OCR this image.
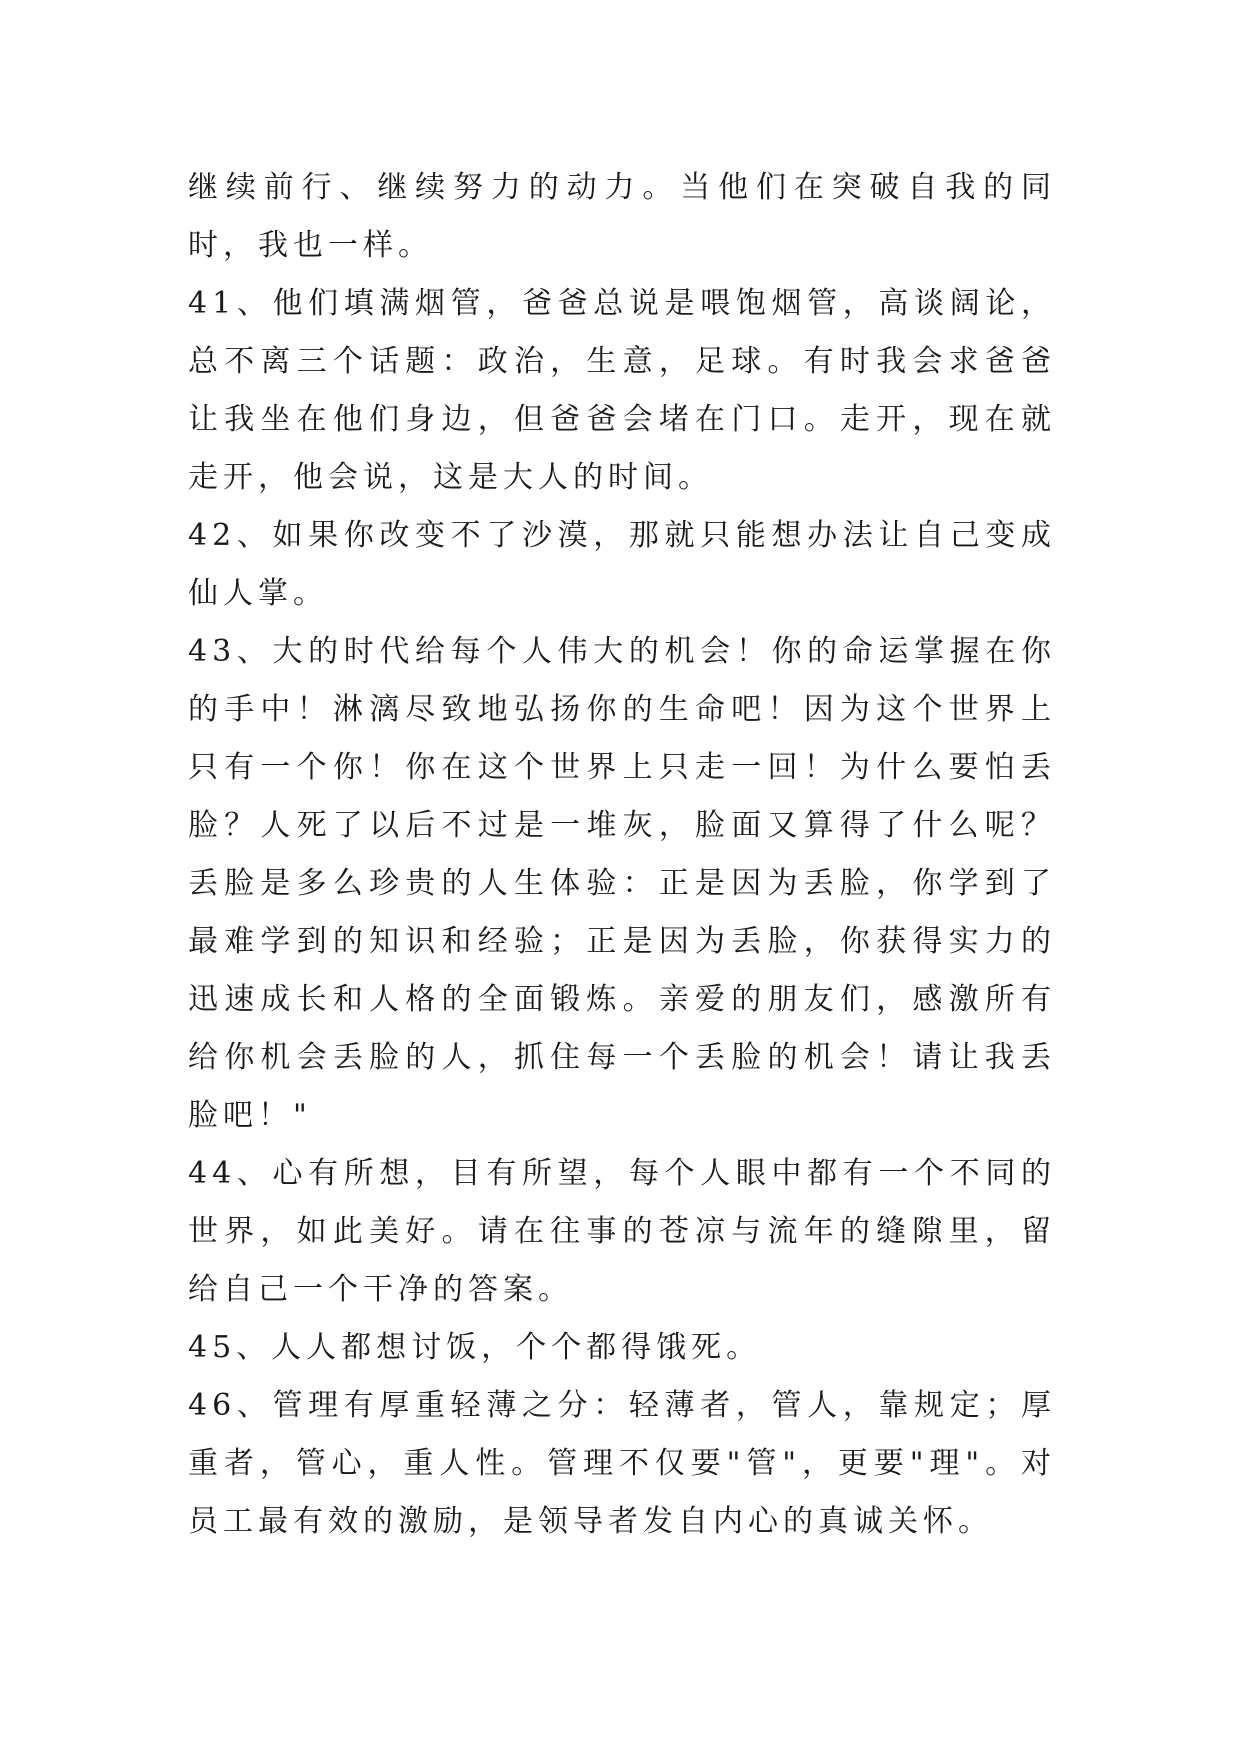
继续前行、继续努力的动力。当他们在突破自我的同时，我也一样。

41、他们填满烟管，爸爸总说是喂饱烟管，高谈阔论，总不离三个话题：政治，生意，足球。有时我会求爸爸让我坐在他们身边，但爸爸会堵在门口。走开，现在就走开，他会说，这是大人的时间。

42、如果你改变不了沙漠，那就只能想办法让自己变成仙人掌。

43、大的时代给每个人伟大的机会！你的命运掌握在你的手中！淋漓尽致地弘扬你的生命吧！因为这个世界上只有一个你！你在这个世界上只走一回！为什么要怕丢脸？人死了以后不过是一堆灰，脸面又算得了什么呢？丢脸是多么珍贵的人生体验：正是因为丢脸，你学到了最难学到的知识和经验；正是因为丢脸，你获得实力的迅速成长和人格的全面锻炼。亲爱的朋友们，感激所有给你机会丢脸的人，抓住每一个丢脸的机会！请让我丢脸吧！"

44、心有所想，目有所望，每个人眼中都有一个不同的世界，如此美好。请在往事的苍凉与流年的缝隙里，留给自己一个干净的答案。

45、人人都想讨饭，个个都得饿死。

46、管理有厚重轻薄之分：轻薄者，管人，靠规定；厚重者，管心，重人性。管理不仅要"管"，更要"理"。对员工最有效的激励，是领导者发自内心的真诚关怀。
